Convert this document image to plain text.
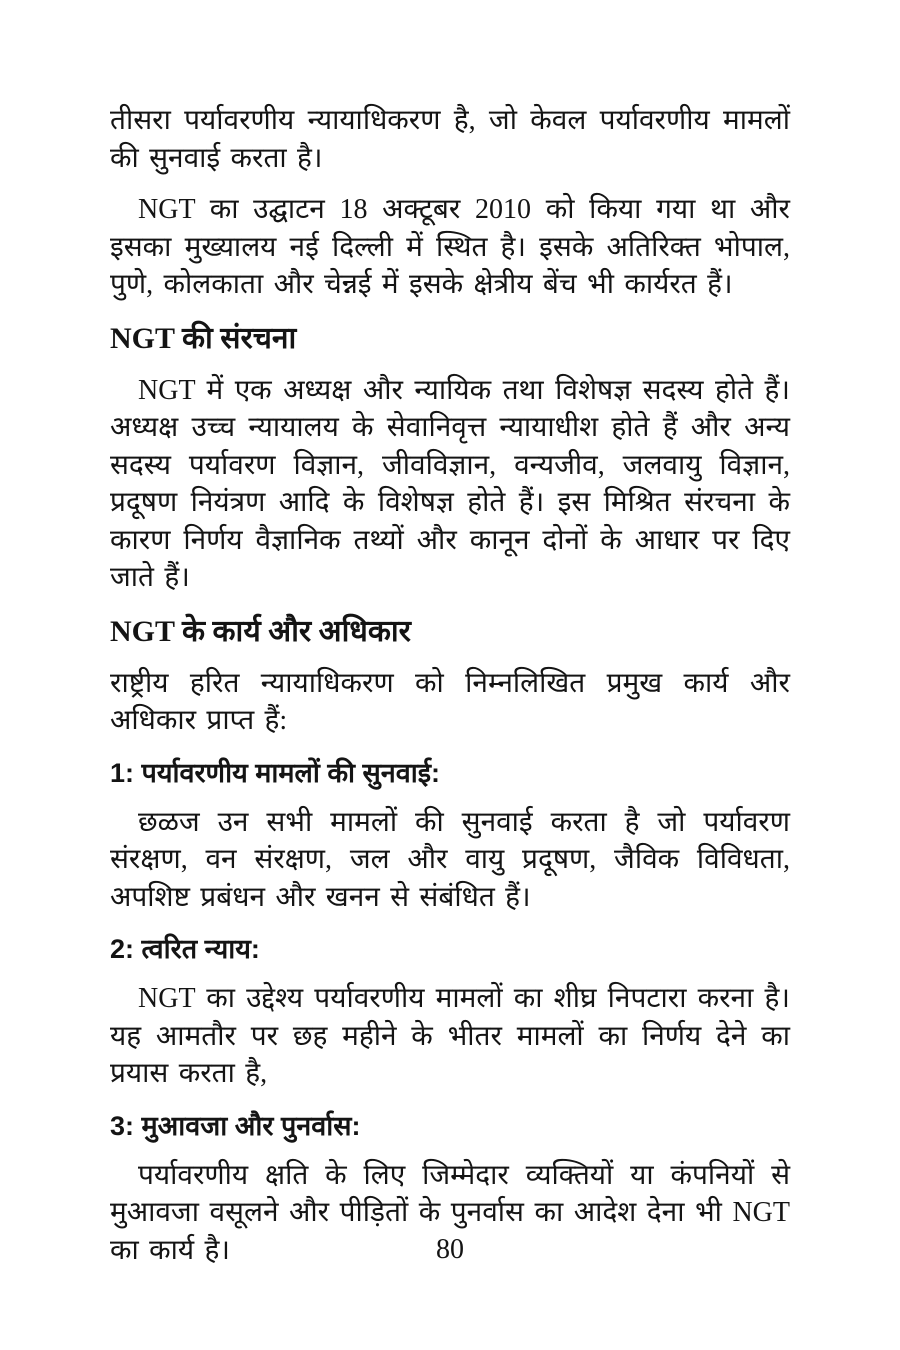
तीसरा पर्यावरणीय न्यायाधिकरण है, जो केवल पर्यावरणीय मामलों की सुनवाई करता है।

NGT का उद्घाटन 18 अक्टूबर 2010 को किया गया था और इसका मुख्यालय नई दिल्ली में स्थित है। इसके अतिरिक्त भोपाल, पुणे, कोलकाता और चेन्नई में इसके क्षेत्रीय बेंच भी कार्यरत हैं।

NGT की संरचना

NGT में एक अध्यक्ष और न्यायिक तथा विशेषज्ञ सदस्य होते हैं। अध्यक्ष उच्च न्यायालय के सेवानिवृत्त न्यायाधीश होते हैं और अन्य सदस्य पर्यावरण विज्ञान, जीवविज्ञान, वन्यजीव, जलवायु विज्ञान, प्रदूषण नियंत्रण आदि के विशेषज्ञ होते हैं। इस मिश्रित संरचना के कारण निर्णय वैज्ञानिक तथ्यों और कानून दोनों के आधार पर दिए जाते हैं।

NGT के कार्य और अधिकार

राष्ट्रीय हरित न्यायाधिकरण को निम्नलिखित प्रमुख कार्य और अधिकार प्राप्त हैं:

1: पर्यावरणीय मामलों की सुनवाई:

छळज उन सभी मामलों की सुनवाई करता है जो पर्यावरण संरक्षण, वन संरक्षण, जल और वायु प्रदूषण, जैविक विविधता, अपशिष्ट प्रबंधन और खनन से संबंधित हैं।

2: त्वरित न्याय:

NGT का उद्देश्य पर्यावरणीय मामलों का शीघ्र निपटारा करना है। यह आमतौर पर छह महीने के भीतर मामलों का निर्णय देने का प्रयास करता है,

3: मुआवजा और पुनर्वास:

पर्यावरणीय क्षति के लिए जिम्मेदार व्यक्तियों या कंपनियों से मुआवजा वसूलने और पीड़ितों के पुनर्वास का आदेश देना भी NGT का कार्य है।	80
